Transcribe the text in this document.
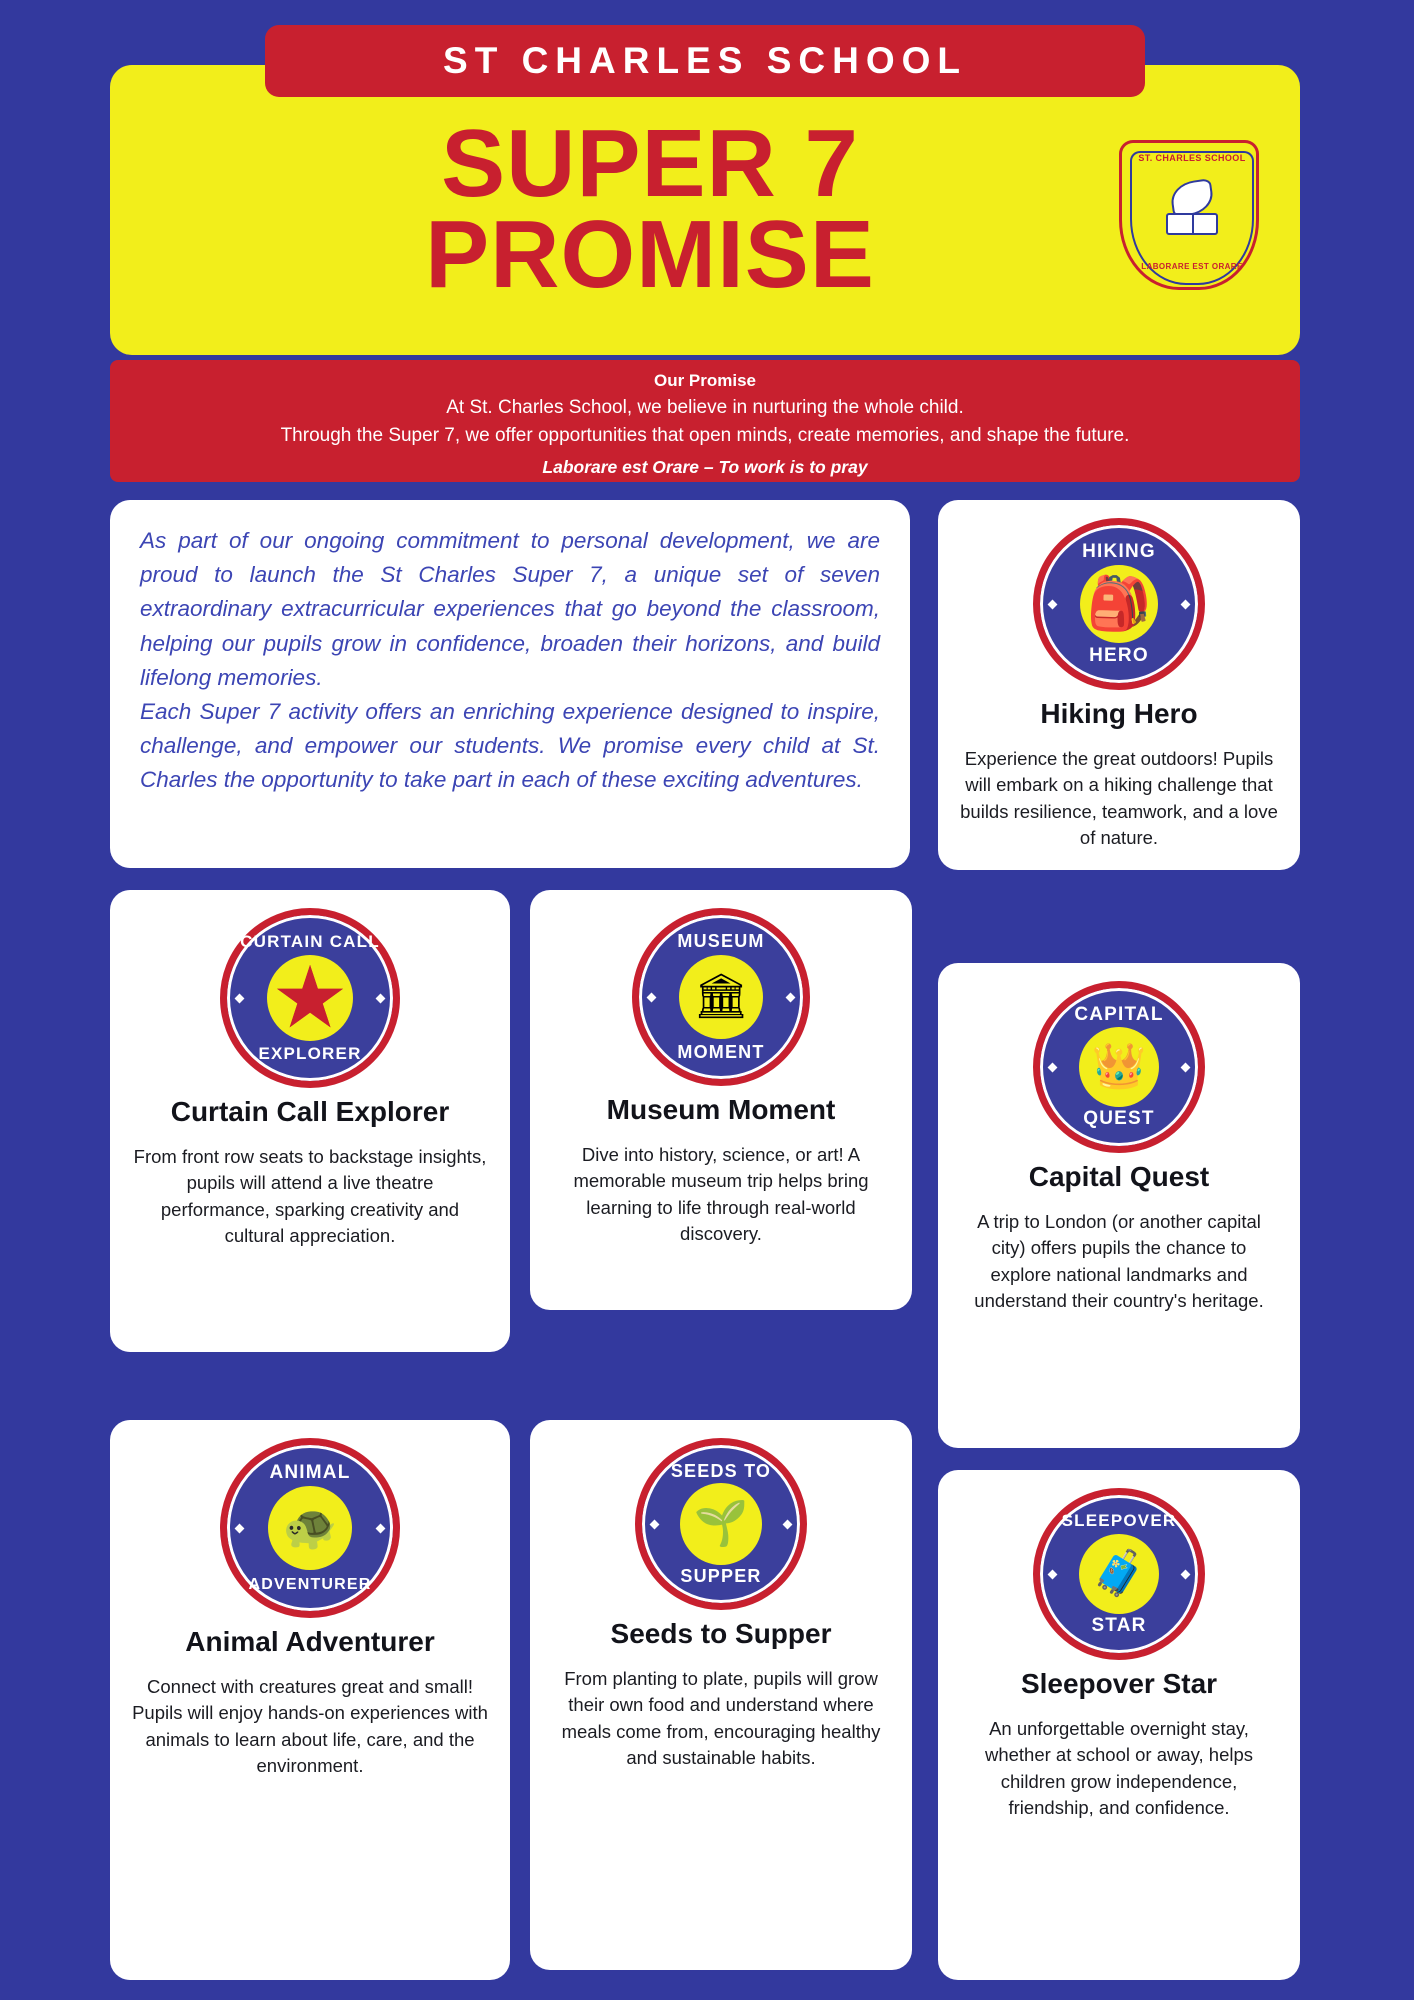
ST CHARLES SCHOOL
SUPER 7
PROMISE
ST. CHARLES SCHOOL
LABORARE EST ORARE
Our Promise
At St. Charles School, we believe in nurturing the whole child.
Through the Super 7, we offer opportunities that open minds, create memories, and shape the future.
Laborare est Orare – To work is to pray

As part of our ongoing commitment to personal development, we are proud to launch the St Charles Super 7, a unique set of seven extraordinary extracurricular experiences that go beyond the classroom, helping our pupils grow in confidence, broaden their horizons, and build lifelong memories.

Each Super 7 activity offers an enriching experience designed to inspire, challenge, and empower our students. We promise every child at St. Charles the opportunity to take part in each of these exciting adventures.

HIKING
🎒
HERO
Hiking Hero
Experience the great outdoors! Pupils will embark on a hiking challenge that builds resilience, teamwork, and a love of nature.
CURTAIN CALL
★
EXPLORER
Curtain Call Explorer
From front row seats to backstage insights, pupils will attend a live theatre performance, sparking creativity and cultural appreciation.
MUSEUM
🏛
MOMENT
Museum Moment
Dive into history, science, or art! A memorable museum trip helps bring learning to life through real-world discovery.
CAPITAL
👑
QUEST
Capital Quest
A trip to London (or another capital city) offers pupils the chance to explore national landmarks and understand their country's heritage.
ANIMAL
🐢
ADVENTURER
Animal Adventurer
Connect with creatures great and small! Pupils will enjoy hands-on experiences with animals to learn about life, care, and the environment.
SEEDS TO
🌱
SUPPER
Seeds to Supper
From planting to plate, pupils will grow their own food and understand where meals come from, encouraging healthy and sustainable habits.
SLEEPOVER
🧳
STAR
Sleepover Star
An unforgettable overnight stay, whether at school or away, helps children grow independence, friendship, and confidence.
